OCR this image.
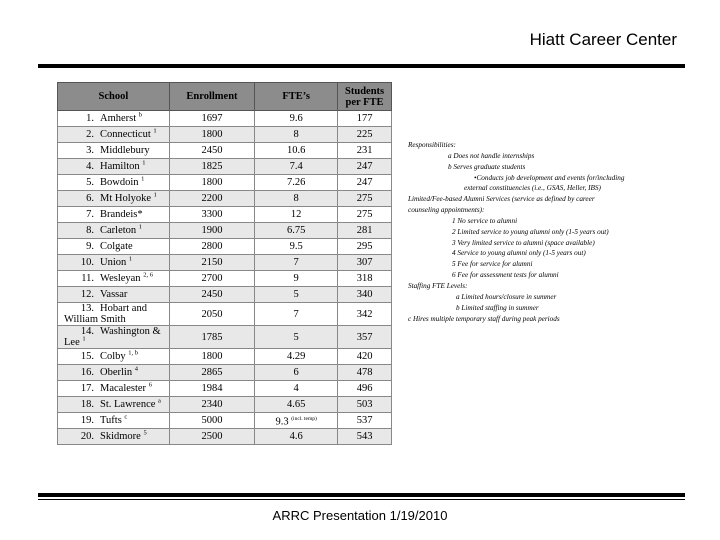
Hiatt Career Center
School	Enrollment	FTE’s	Students per FTE
1. Amherst $^b$	1697	9.6	177
2. Connecticut $^1$	1800	8	225
3. Middlebury	2450	10.6	231
4. Hamilton $^1$	1825	7.4	247
5. Bowdoin $^1$	1800	7.26	247
6. Mt Holyoke $^1$	2200	8	275
7. Brandeis*	3300	12	275
8. Carleton $^1$	1900	6.75	281
9. Colgate	2800	9.5	295
10. Union $^1$	2150	7	307
11. Wesleyan $^{2, 6}$	2700	9	318
12. Vassar	2450	5	340
13. Hobart and William Smith	2050	7	342
14. Washington & Lee $^1$	1785	5	357
15. Colby $^{1, b}$	1800	4.29	420
16. Oberlin $^4$	2865	6	478
17. Macalester $^6$	1984	4	496
18. St. Lawrence $^a$	2340	4.65	503
19. Tufts $^c$	5000	9.3 $^{(incl. temp)}$	537
20. Skidmore $^5$	2500	4.6	543
Responsibilities:
a Does not handle internships
b Serves graduate students
•Conducts job development and events for/including
external constituencies (i.e., GSAS, Heller, IBS)
Limited/Fee-based Alumni Services (service as defined by career
counseling appointments):
1 No service to alumni
2 Limited service to young alumni only (1-5 years out)
3 Very limited service to alumni (space available)
4 Service to young alumni only (1-5 years out)
5 Fee for service for alumni
6 Fee for assessment tests for alumni
Staffing FTE Levels:
a Limited hours/closure in summer
b Limited staffing in summer
c Hires multiple temporary staff during peak periods
ARRC Presentation 1/19/2010
